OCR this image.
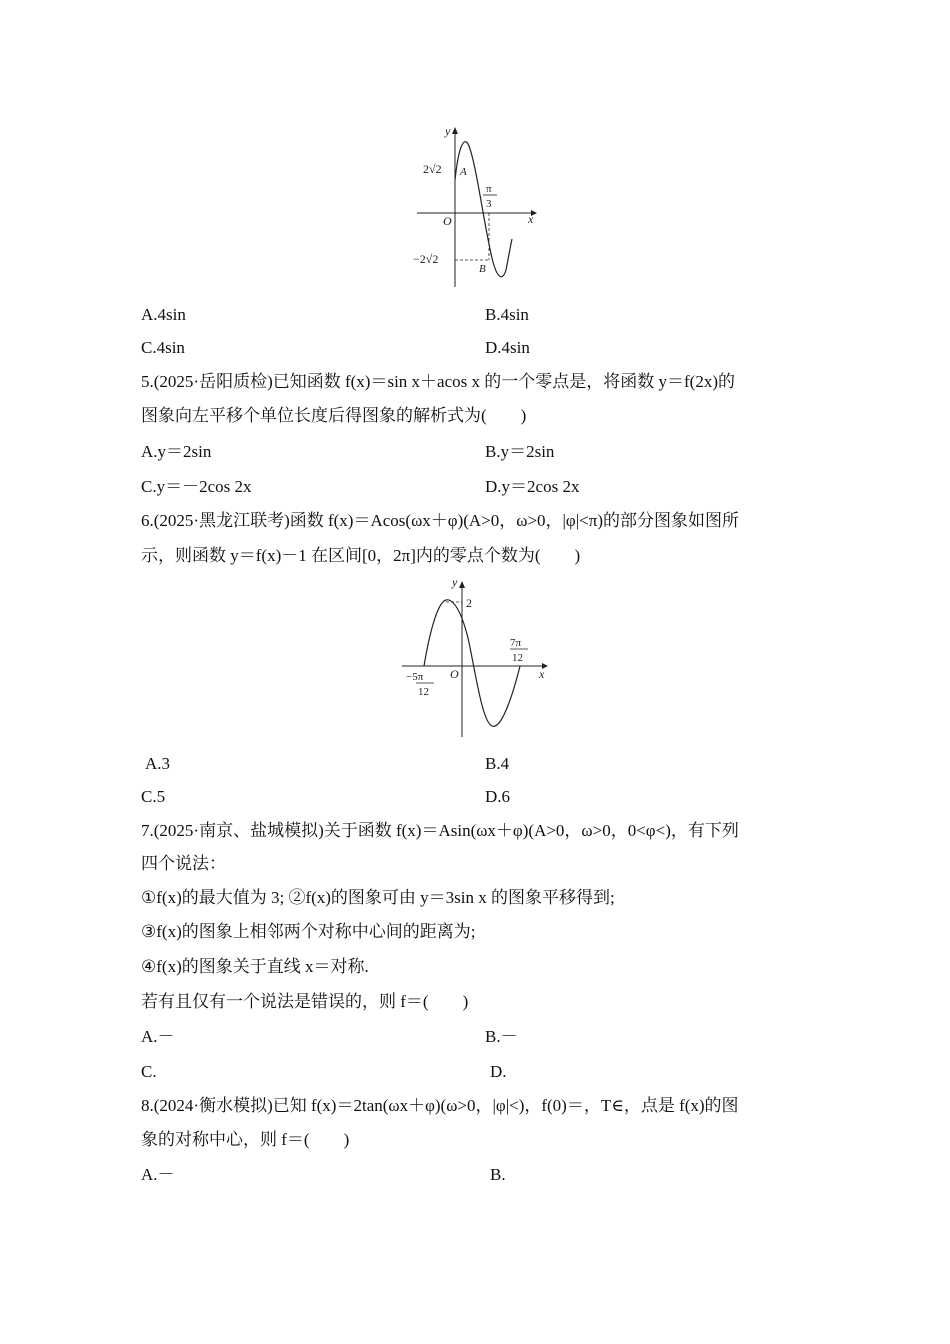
y
x
O
2√2
−2√2
A
B
π
3
A.4sin	B.4sin
C.4sin	D.4sin
5.(2025·岳阳质检)已知函数 f(x)＝sin x＋acos x 的一个零点是，将函数 y＝f(2x)的
图象向左平移个单位长度后得图象的解析式为(　　)
A.y＝2sin	B.y＝2sin
C.y＝－2cos 2x	D.y＝2cos 2x
6.(2025·黑龙江联考)函数 f(x)＝Acos(ωx＋φ)(A>0，ω>0，|φ|<π)的部分图象如图所
示，则函数 y＝f(x)－1 在区间[0，2π]内的零点个数为(　　)
y
x
O
2
−5π
12
7π
12
A.3	B.4
C.5	D.6
7.(2025·南京、盐城模拟)关于函数 f(x)＝Asin(ωx＋φ)(A>0，ω>0，0<φ<)，有下列
四个说法：
①f(x)的最大值为 3; ②f(x)的图象可由 y＝3sin x 的图象平移得到;
③f(x)的图象上相邻两个对称中心间的距离为;
④f(x)的图象关于直线 x＝对称.
若有且仅有一个说法是错误的，则 f＝(　　)
A.－	B.－
C.	D.
8.(2024·衡水模拟)已知 f(x)＝2tan(ωx＋φ)(ω>0，|φ|<)，f(0)＝，T∈，点是 f(x)的图
象的对称中心，则 f＝(　　)
A.－	B.
